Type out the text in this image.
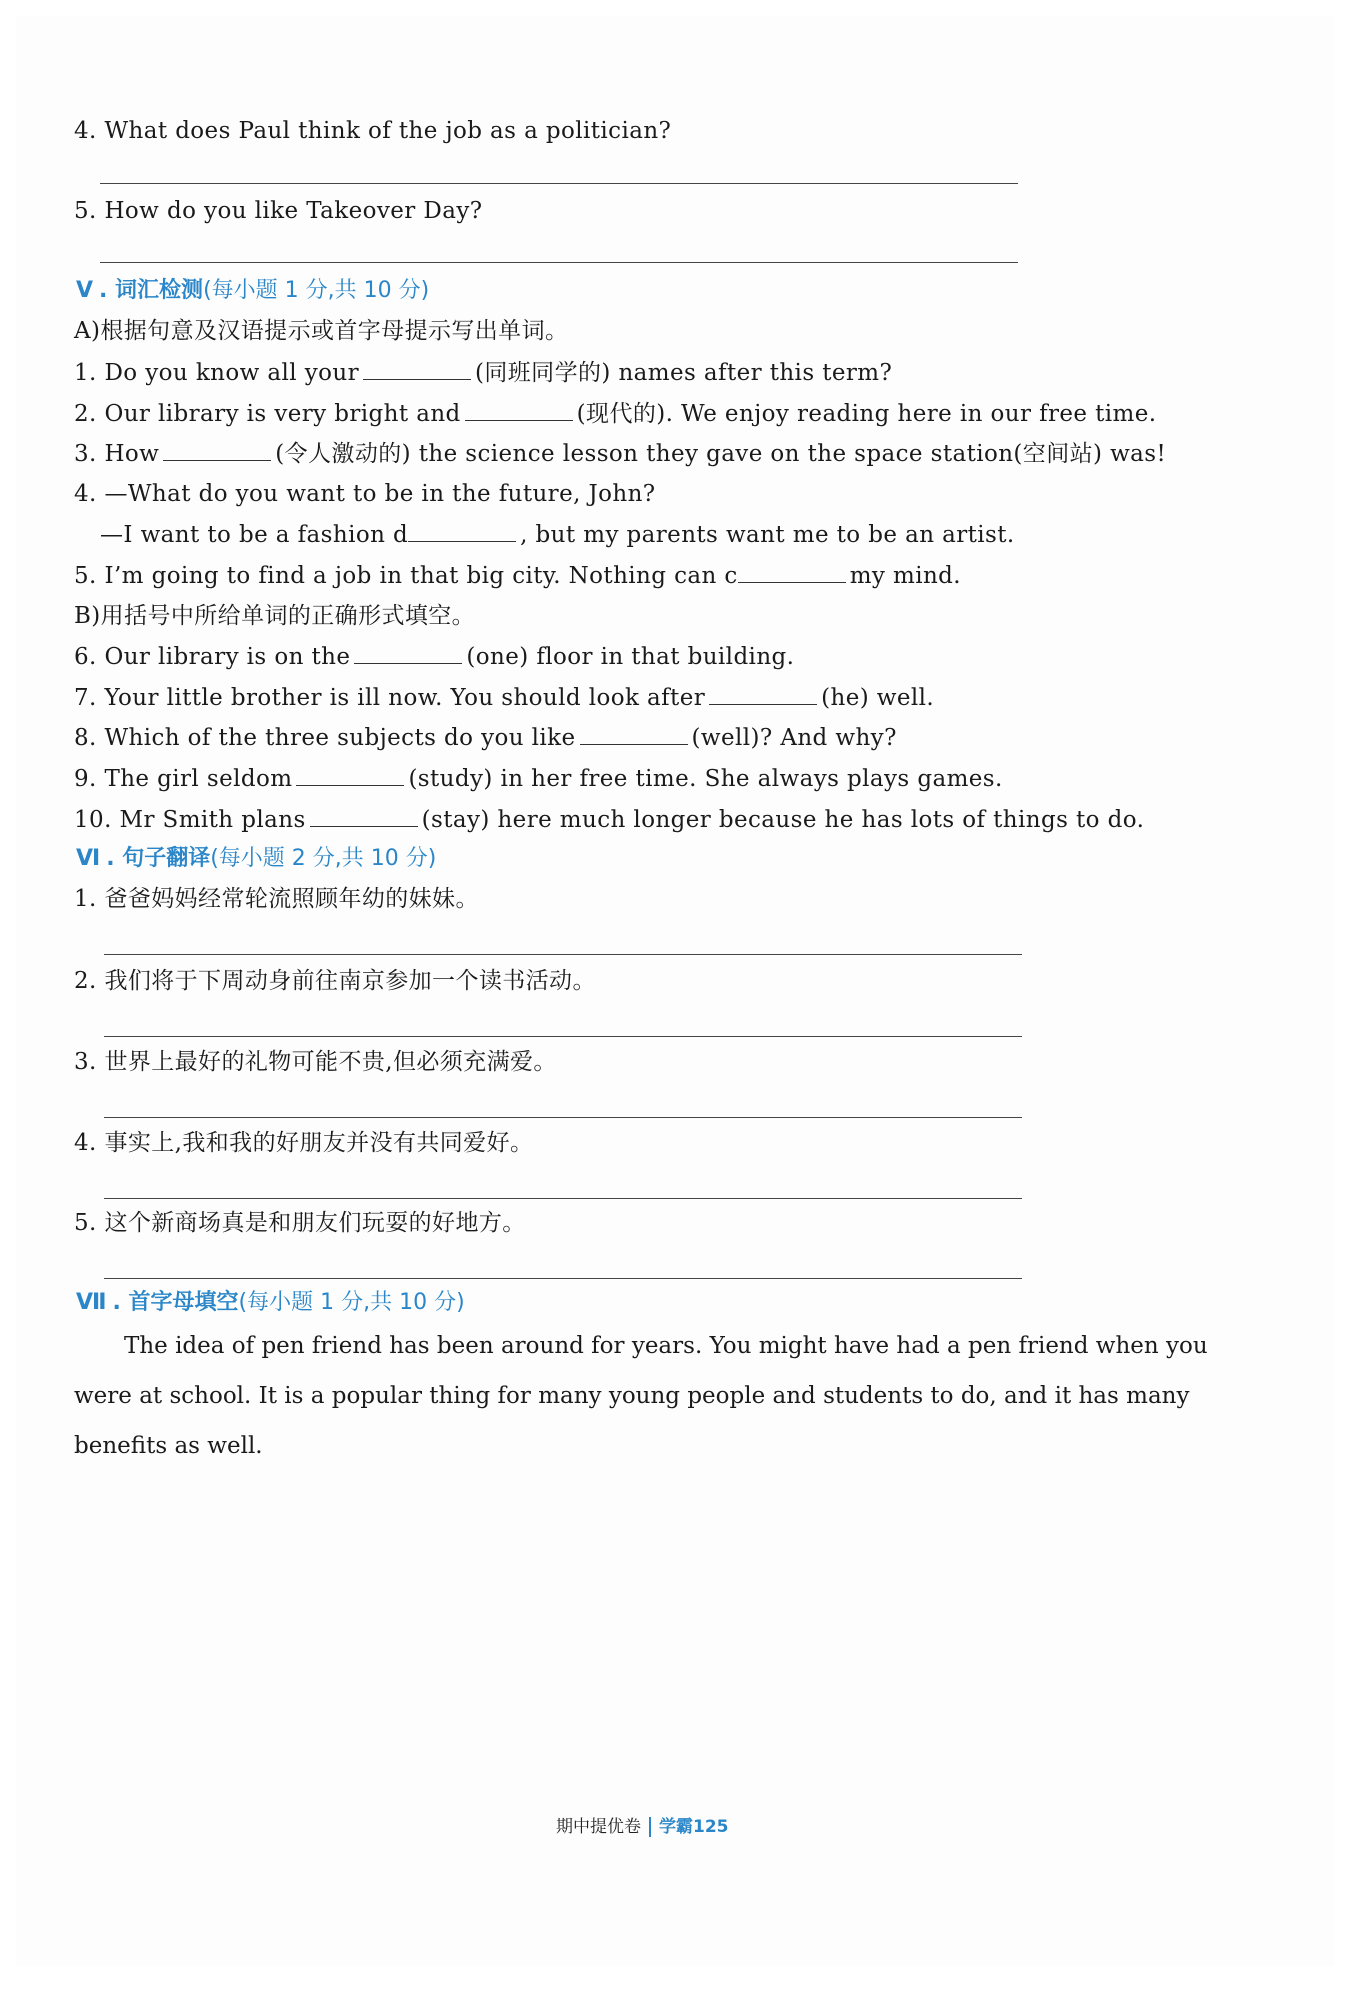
4. What does Paul think of the job as a politician?
5. How do you like Takeover Day?
V . 词汇检测(每小题 1 分,共 10 分)
A)根据句意及汉语提示或首字母提示写出单词。
1. Do you know all your	(同班同学的) names after this term?
2. Our library is very bright and	(现代的). We enjoy reading here in our free time.
3. How	(令人激动的) the science lesson they gave on the space station(空间站) was!
4. —What do you want to be in the future, John?
—I want to be a fashion d	, but my parents want me to be an artist.
5. I’m going to find a job in that big city. Nothing can c	my mind.
B)用括号中所给单词的正确形式填空。
6. Our library is on the	(one) floor in that building.
7. Your little brother is ill now. You should look after	(he) well.
8. Which of the three subjects do you like	(well)? And why?
9. The girl seldom	(study) in her free time. She always plays games.
10. Mr Smith plans	(stay) here much longer because he has lots of things to do.
Ⅵ . 句子翻译(每小题 2 分,共 10 分)
1. 爸爸妈妈经常轮流照顾年幼的妹妹。
2. 我们将于下周动身前往南京参加一个读书活动。
3. 世界上最好的礼物可能不贵,但必须充满爱。
4. 事实上,我和我的好朋友并没有共同爱好。
5. 这个新商场真是和朋友们玩耍的好地方。
Ⅶ . 首字母填空(每小题 1 分,共 10 分)
The idea of pen friend has been around for years. You might have had a pen friend when you
were at school. It is a popular thing for many young people and students to do, and it has many
benefits as well.
期中提优卷 学霸125
